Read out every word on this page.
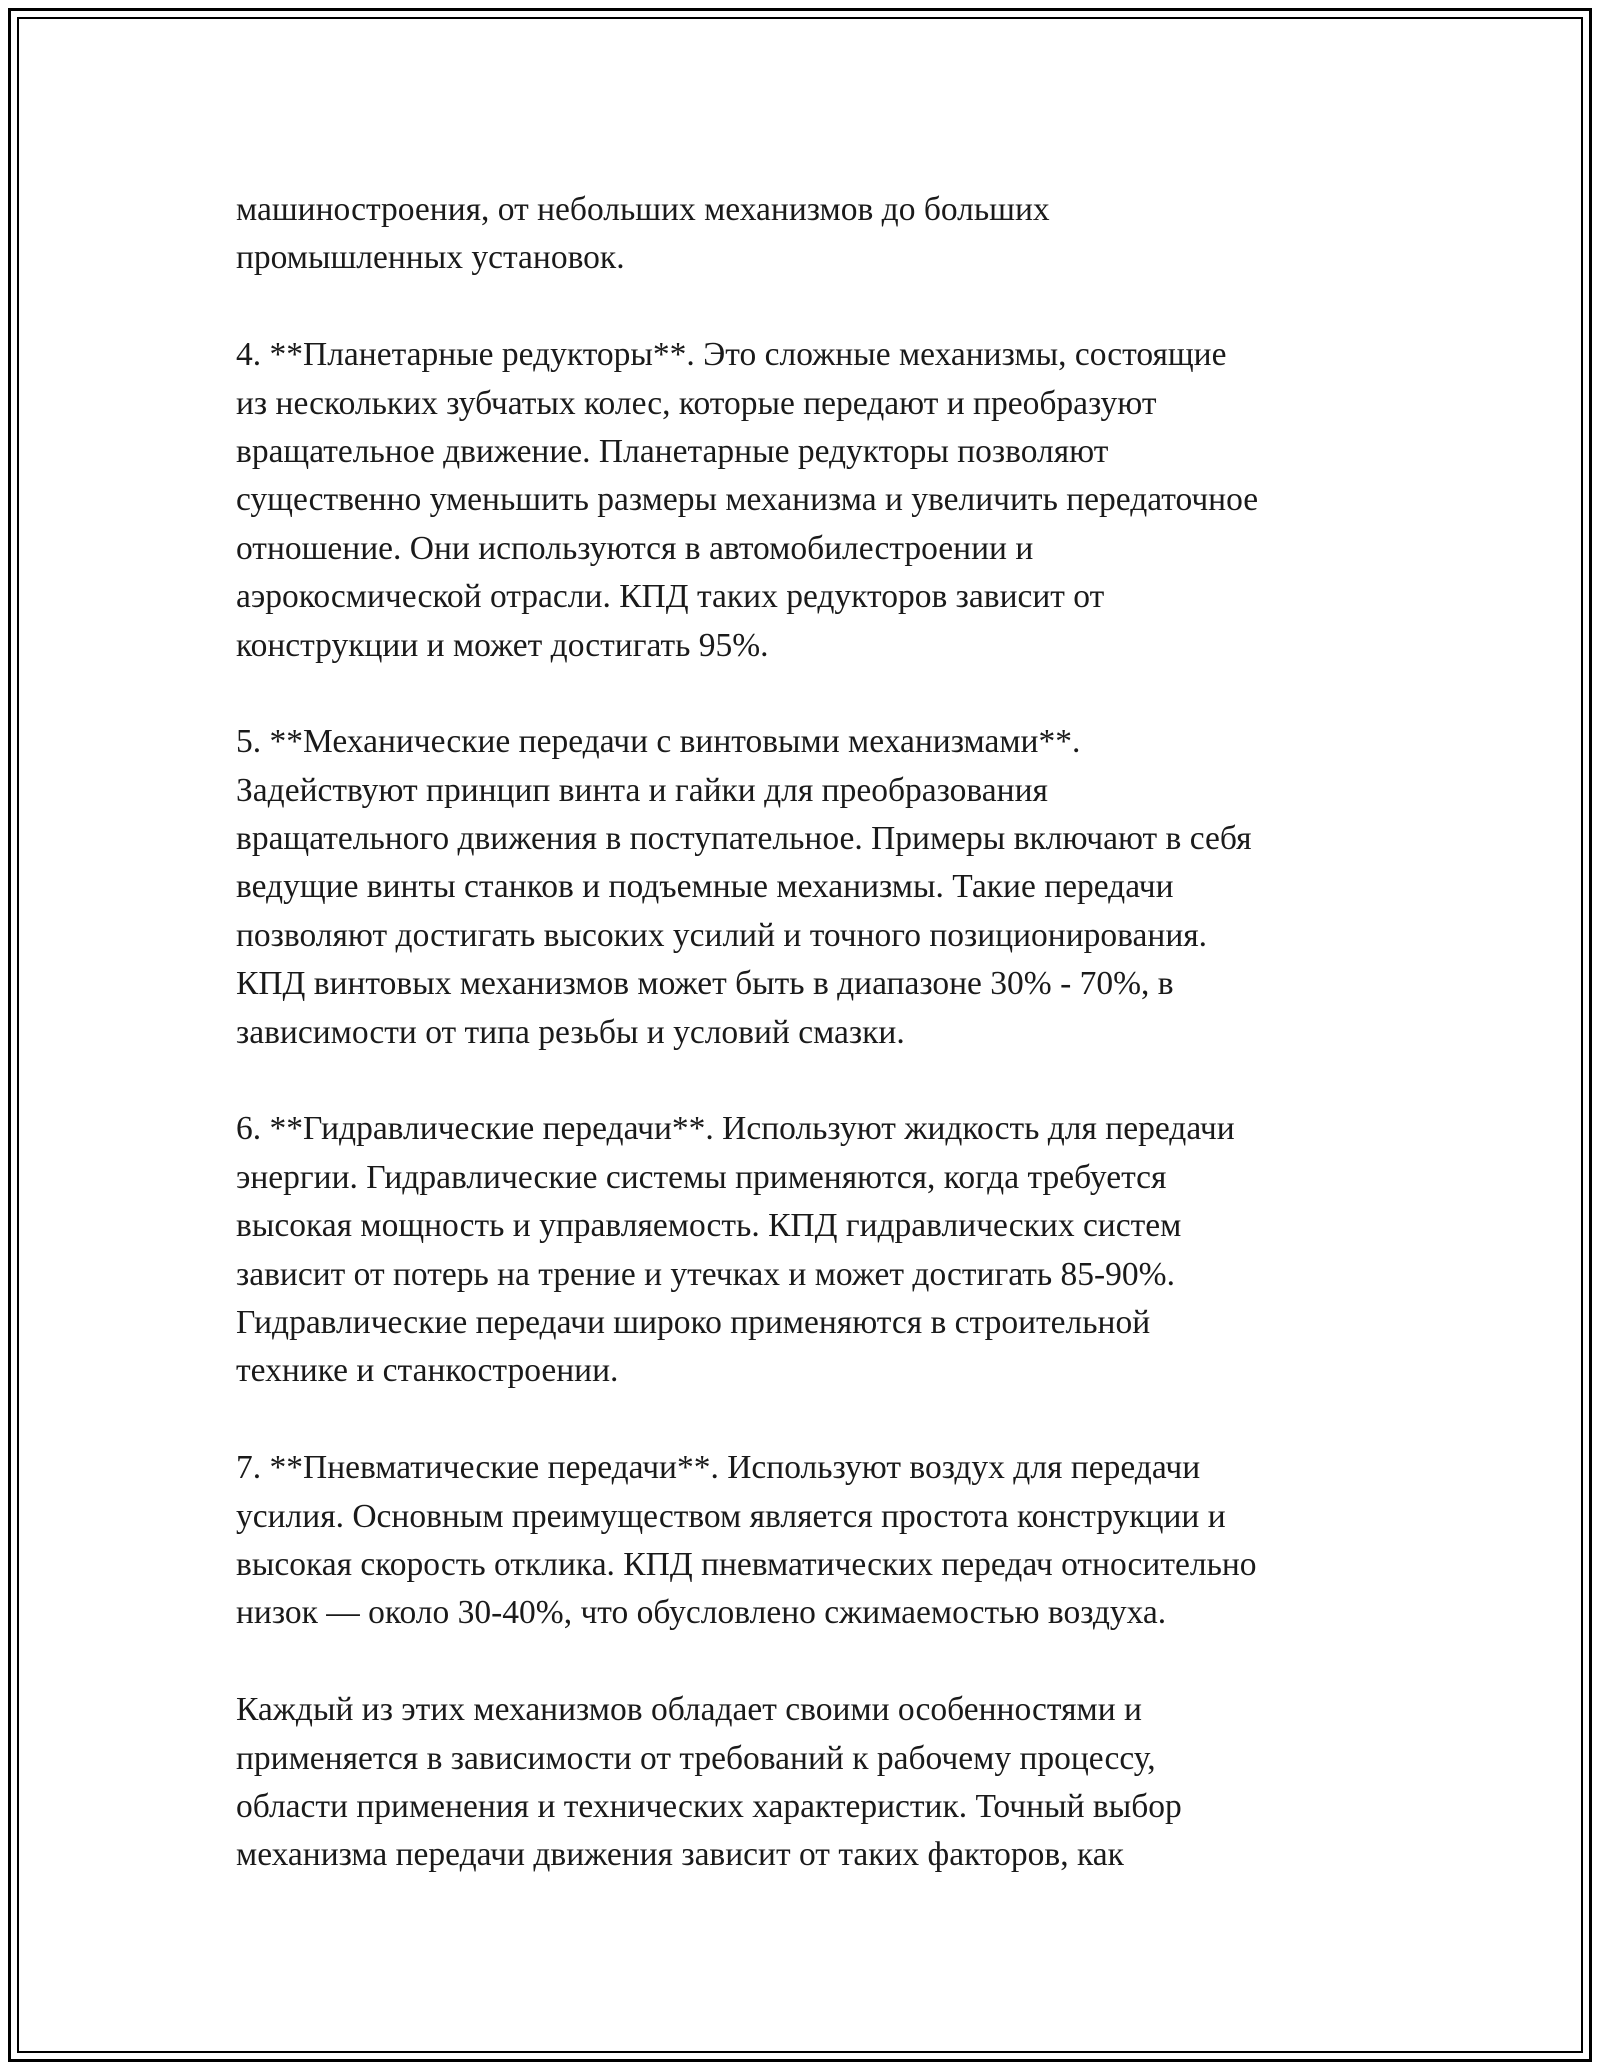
машиностроения, от небольших механизмов до больших
промышленных установок.
4. **Планетарные редукторы**. Это сложные механизмы, состоящие
из нескольких зубчатых колес, которые передают и преобразуют
вращательное движение. Планетарные редукторы позволяют
существенно уменьшить размеры механизма и увеличить передаточное
отношение. Они используются в автомобилестроении и
аэрокосмической отрасли. КПД таких редукторов зависит от
конструкции и может достигать 95%.
5. **Механические передачи с винтовыми механизмами**.
Задействуют принцип винта и гайки для преобразования
вращательного движения в поступательное. Примеры включают в себя
ведущие винты станков и подъемные механизмы. Такие передачи
позволяют достигать высоких усилий и точного позиционирования.
КПД винтовых механизмов может быть в диапазоне 30% - 70%, в
зависимости от типа резьбы и условий смазки.
6. **Гидравлические передачи**. Используют жидкость для передачи
энергии. Гидравлические системы применяются, когда требуется
высокая мощность и управляемость. КПД гидравлических систем
зависит от потерь на трение и утечках и может достигать 85-90%.
Гидравлические передачи широко применяются в строительной
технике и станкостроении.
7. **Пневматические передачи**. Используют воздух для передачи
усилия. Основным преимуществом является простота конструкции и
высокая скорость отклика. КПД пневматических передач относительно
низок — около 30-40%, что обусловлено сжимаемостью воздуха.
Каждый из этих механизмов обладает своими особенностями и
применяется в зависимости от требований к рабочему процессу,
области применения и технических характеристик. Точный выбор
механизма передачи движения зависит от таких факторов, как
